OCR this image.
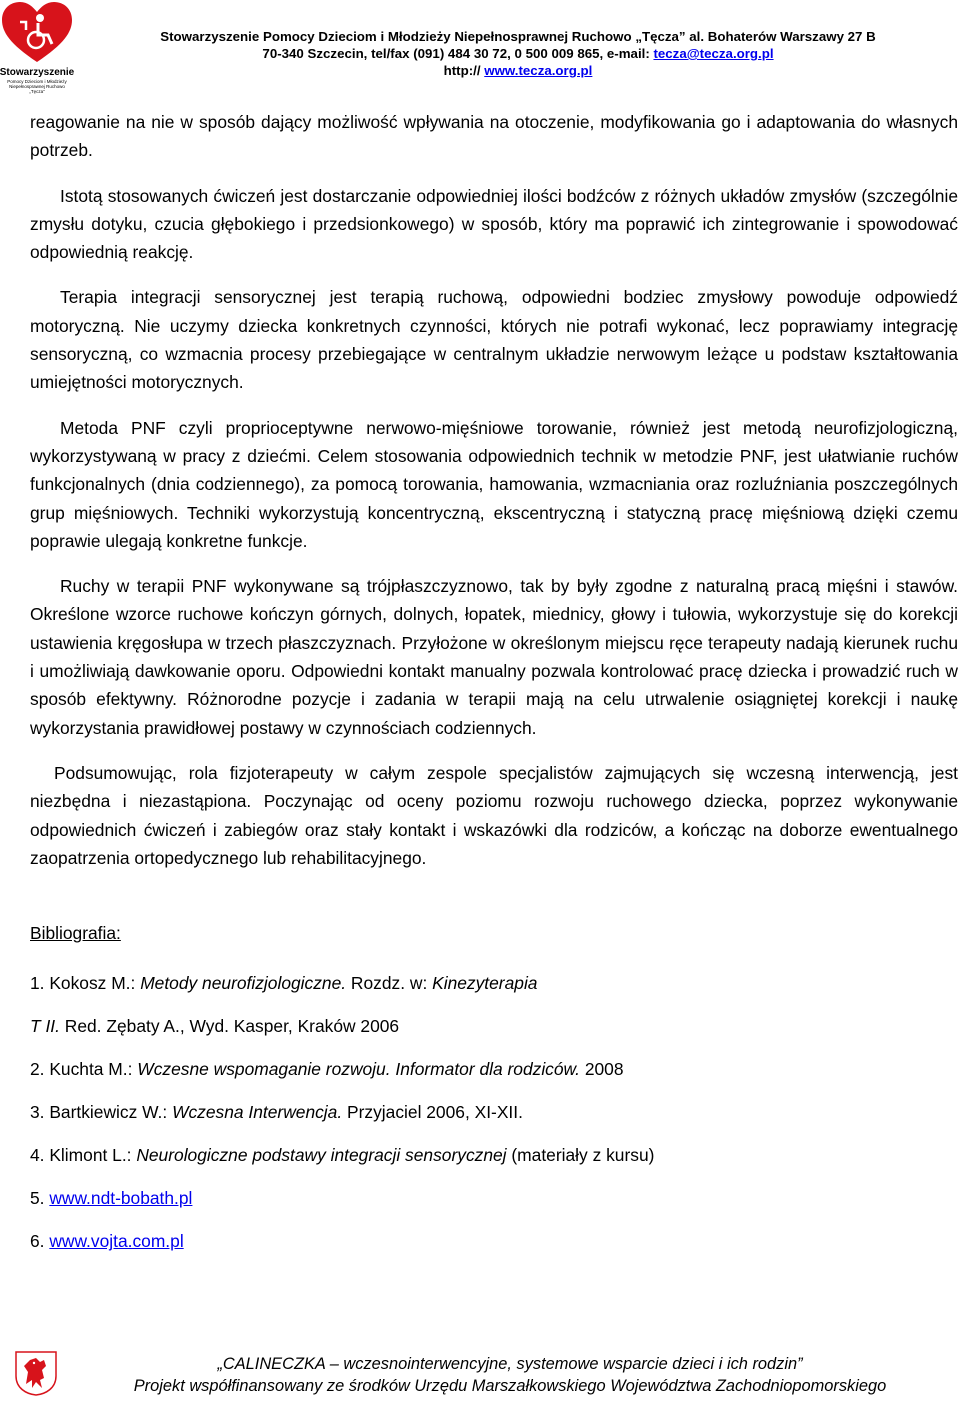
Stowarzyszenie
Pomocy Dzieciom i Młodzieży
Niepełnosprawnej Ruchowo
„Tęcza”
Stowarzyszenie Pomocy Dzieciom i Młodzieży Niepełnosprawnej Ruchowo „Tęcza” al. Bohaterów Warszawy 27 B
70-340 Szczecin, tel/fax (091) 484 30 72, 0 500 009 865, e-mail: tecza@tecza.org.pl
http:// www.tecza.org.pl

reagowanie na nie w sposób dający możliwość wpływania na otoczenie, modyfikowania go i adaptowania do własnych potrzeb.

Istotą stosowanych ćwiczeń jest dostarczanie odpowiedniej ilości bodźców z różnych układów zmysłów (szczególnie zmysłu dotyku, czucia głębokiego i przedsionkowego) w sposób, który ma poprawić ich zintegrowanie i spowodować odpowiednią reakcję.

Terapia integracji sensorycznej jest terapią ruchową, odpowiedni bodziec zmysłowy powoduje odpowiedź motoryczną. Nie uczymy dziecka konkretnych czynności, których nie potrafi wykonać, lecz poprawiamy integrację sensoryczną, co wzmacnia procesy przebiegające w centralnym układzie nerwowym leżące u podstaw kształtowania umiejętności motorycznych.

Metoda PNF czyli proprioceptywne nerwowo-mięśniowe torowanie, również jest metodą neurofizjologiczną, wykorzystywaną w pracy z dziećmi. Celem stosowania odpowiednich technik w metodzie PNF, jest ułatwianie ruchów funkcjonalnych (dnia codziennego), za pomocą torowania, hamowania, wzmacniania oraz rozluźniania poszczególnych grup mięśniowych. Techniki wykorzystują koncentryczną, ekscentryczną i statyczną pracę mięśniową dzięki czemu poprawie ulegają konkretne funkcje.

Ruchy w terapii PNF wykonywane są trójpłaszczyznowo, tak by były zgodne z naturalną pracą mięśni i stawów. Określone wzorce ruchowe kończyn górnych, dolnych, łopatek, miednicy, głowy i tułowia, wykorzystuje się do korekcji ustawienia kręgosłupa w trzech płaszczyznach. Przyłożone w określonym miejscu ręce terapeuty nadają kierunek ruchu i umożliwiają dawkowanie oporu. Odpowiedni kontakt manualny pozwala kontrolować pracę dziecka i prowadzić ruch w sposób efektywny. Różnorodne pozycje i zadania w terapii mają na celu utrwalenie osiągniętej korekcji i naukę wykorzystania prawidłowej postawy w czynnościach codziennych.

Podsumowując, rola fizjoterapeuty w całym zespole specjalistów zajmujących się wczesną interwencją, jest niezbędna i niezastąpiona. Poczynając od oceny poziomu rozwoju ruchowego dziecka, poprzez wykonywanie odpowiednich ćwiczeń i zabiegów oraz stały kontakt i wskazówki dla rodziców, a kończąc na doborze ewentualnego zaopatrzenia ortopedycznego lub rehabilitacyjnego.

Bibliografia:

1. Kokosz M.: Metody neurofizjologiczne. Rozdz. w: Kinezyterapia

T II. Red. Zębaty A., Wyd. Kasper, Kraków 2006

2. Kuchta M.: Wczesne wspomaganie rozwoju. Informator dla rodziców. 2008

3. Bartkiewicz W.: Wczesna Interwencja. Przyjaciel 2006, XI-XII.

4. Klimont L.: Neurologiczne podstawy integracji sensorycznej (materiały z kursu)

5. www.ndt-bobath.pl

6. www.vojta.com.pl

„CALINECZKA – wczesnointerwencyjne, systemowe wsparcie dzieci i ich rodzin”
Projekt współfinansowany ze środków Urzędu Marszałkowskiego Województwa Zachodniopomorskiego
